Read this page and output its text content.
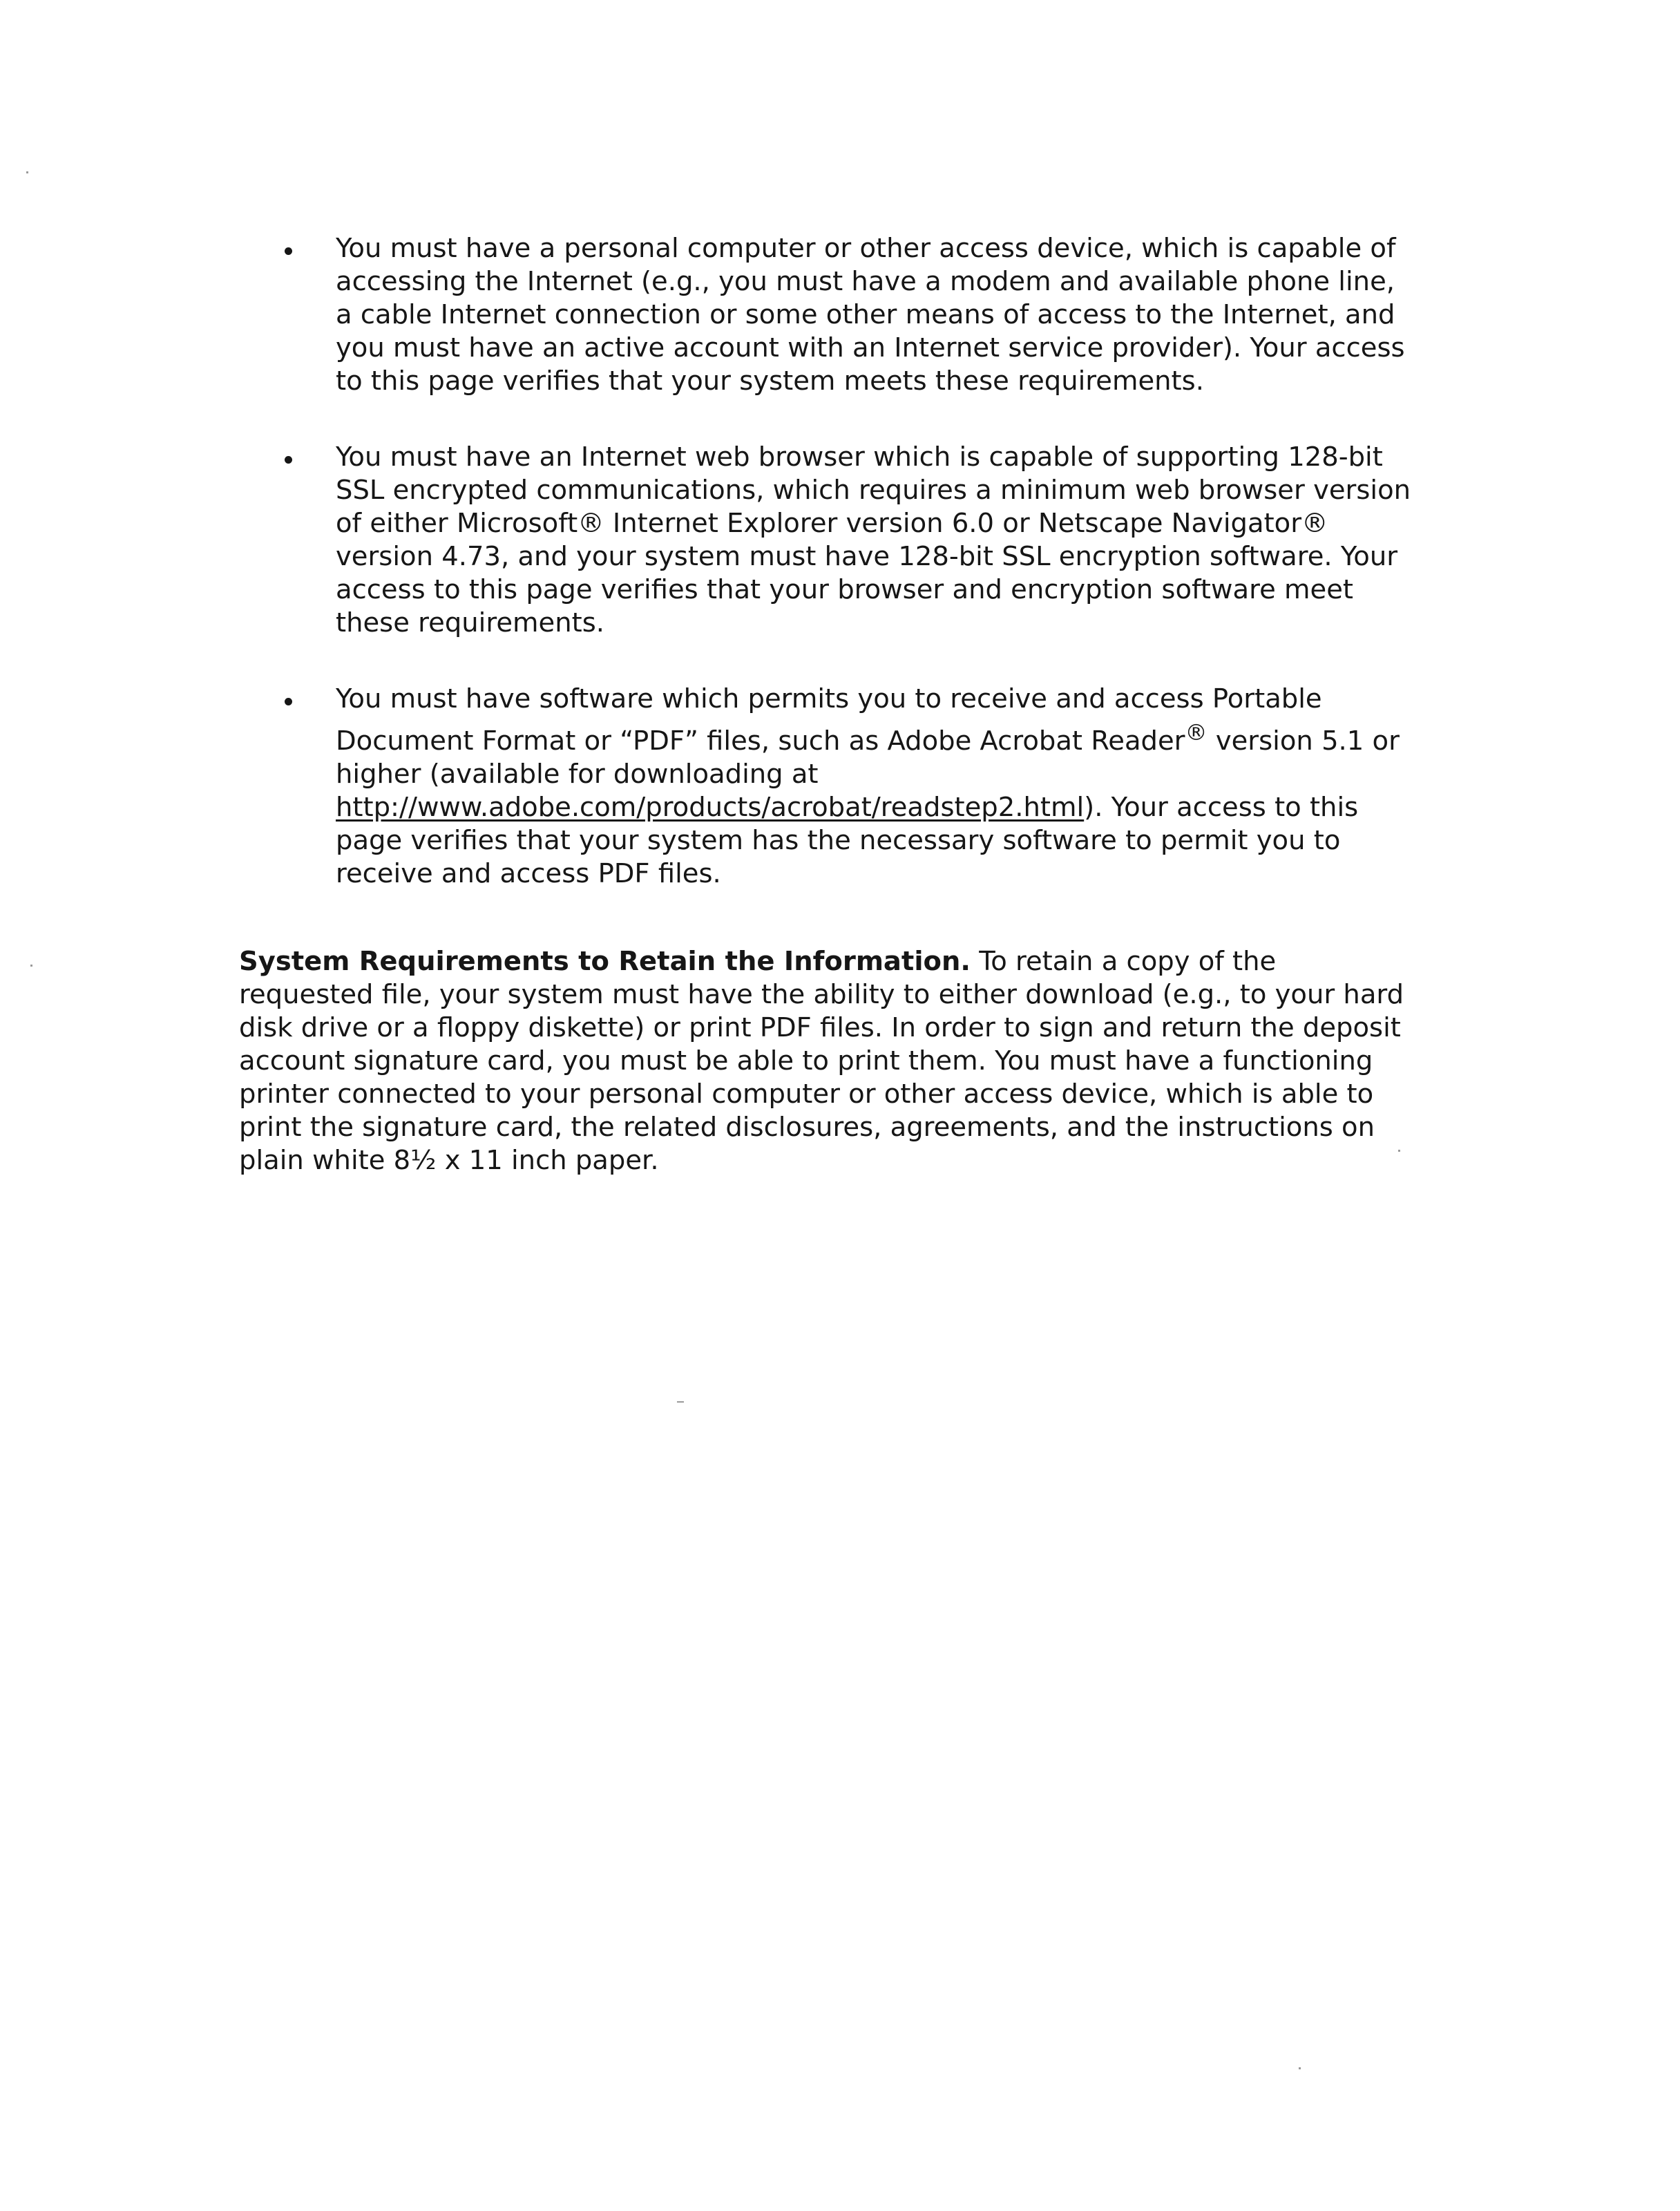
You must have a personal computer or other access device, which is capable of accessing the Internet (e.g., you must have a modem and available phone line, a cable Internet connection or some other means of access to the Internet, and you must have an active account with an Internet service provider). Your access to this page verifies that your system meets these requirements.
You must have an Internet web browser which is capable of supporting 128-bit SSL encrypted communications, which requires a minimum web browser version of either Microsoft® Internet Explorer version 6.0 or Netscape Navigator® version 4.73, and your system must have 128-bit SSL encryption software. Your access to this page verifies that your browser and encryption software meet these requirements.
You must have software which permits you to receive and access Portable Document Format or “PDF” files, such as Adobe Acrobat Reader® version 5.1 or higher (available for downloading at http://www.adobe.com/products/acrobat/readstep2.html). Your access to this page verifies that your system has the necessary software to permit you to receive and access PDF files.

System Requirements to Retain the Information. To retain a copy of the requested file, your system must have the ability to either download (e.g., to your hard disk drive or a floppy diskette) or print PDF files. In order to sign and return the deposit account signature card, you must be able to print them. You must have a functioning printer connected to your personal computer or other access device, which is able to print the signature card, the related disclosures, agreements, and the instructions on plain white 8½ x 11 inch paper.
